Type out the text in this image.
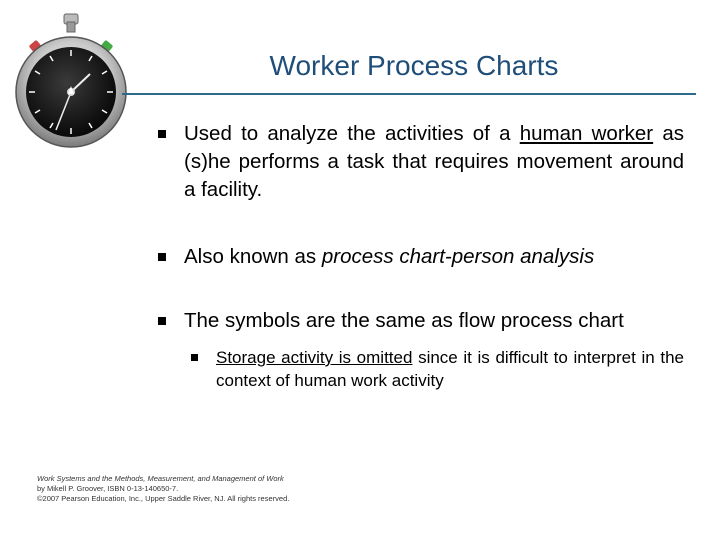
Worker Process Charts
Used to analyze the activities of a human worker as (s)he performs a task that requires movement around a facility.
Also known as process chart-person analysis
The symbols are the same as flow process chart
Storage activity is omitted since it is difficult to interpret in the context of human work activity
Work Systems and the Methods, Measurement, and Management of Work
by Mikell P. Groover, ISBN 0-13-140650-7.
©2007 Pearson Education, Inc., Upper Saddle River, NJ. All rights reserved.
